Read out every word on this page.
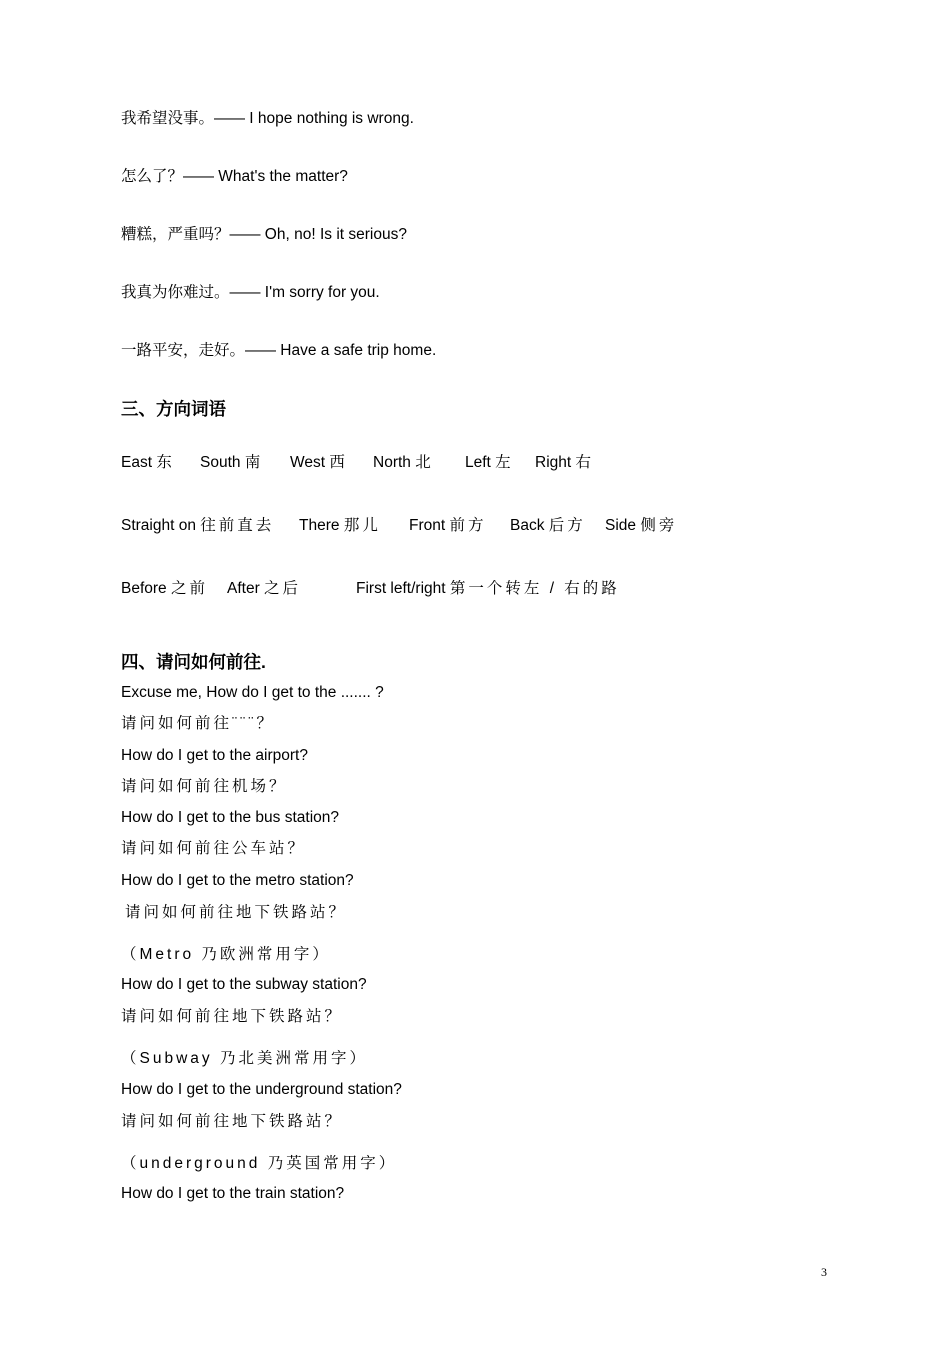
我希望没事。—— I hope nothing is wrong.
怎么了？—— What's the matter?
糟糕，严重吗？—— Oh, no! Is it serious?
我真为你难过。—— I'm sorry for you.
一路平安，走好。—— Have a safe trip home.
三、方向词语
East 东 South 南 West 西 North 北 Left 左 Right 右
Straight on 往前直去 There 那儿 Front 前方 Back 后方 Side 侧旁
Before 之前 After 之后	First left/right 第一个转左 / 右的路
四、请问如何前往.
Excuse me, How do I get to the ....... ?
请问如何前往¨¨¨？
How do I get to the airport?
请问如何前往机场？
How do I get to the bus station?
请问如何前往公车站？
How do I get to the metro station?
请问如何前往地下铁路站？
（Metro 乃欧洲常用字）
How do I get to the subway station?
请问如何前往地下铁路站？
（Subway 乃北美洲常用字）
How do I get to the underground station?
请问如何前往地下铁路站？
（underground 乃英国常用字）
How do I get to the train station?
3
